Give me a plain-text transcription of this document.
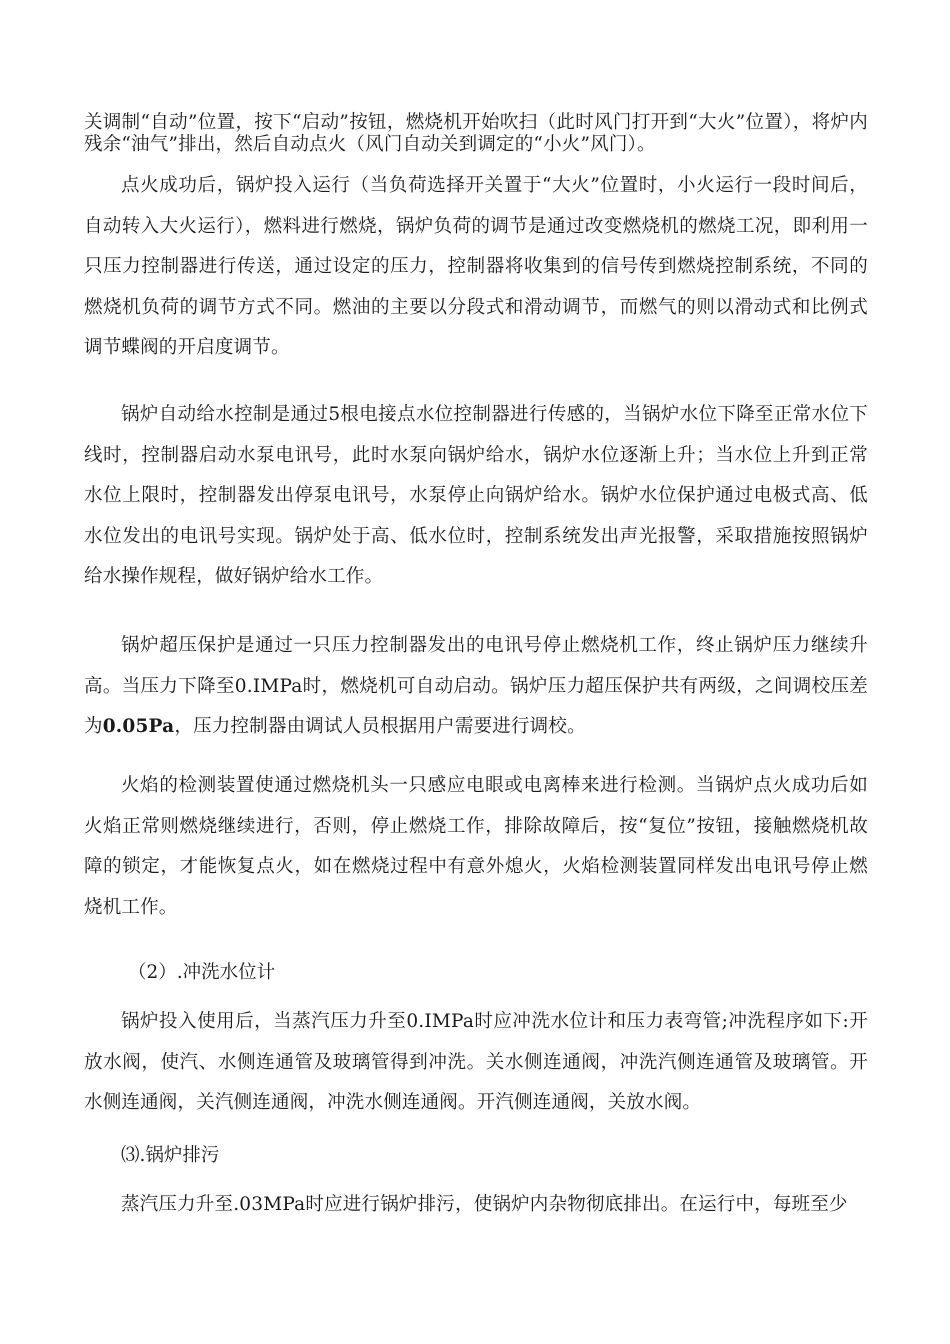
关调制“自动”位置，按下“启动”按钮，燃烧机开始吹扫（此时风门打开到“大火”位置），将炉内残余“油气”排出，然后自动点火（风门自动关到调定的“小火”风门）。

点火成功后，锅炉投入运行（当负荷选择开关置于“大火”位置时，小火运行一段时间后，自动转入大火运行），燃料进行燃烧，锅炉负荷的调节是通过改变燃烧机的燃烧工况，即利用一只压力控制器进行传送，通过设定的压力，控制器将收集到的信号传到燃烧控制系统，不同的燃烧机负荷的调节方式不同。燃油的主要以分段式和滑动调节，而燃气的则以滑动式和比例式调节蝶阀的开启度调节。

锅炉自动给水控制是通过5根电接点水位控制器进行传感的，当锅炉水位下降至正常水位下线时，控制器启动水泵电讯号，此时水泵向锅炉给水，锅炉水位逐渐上升；当水位上升到正常水位上限时，控制器发出停泵电讯号，水泵停止向锅炉给水。锅炉水位保护通过电极式高、低水位发出的电讯号实现。锅炉处于高、低水位时，控制系统发出声光报警，采取措施按照锅炉给水操作规程，做好锅炉给水工作。

锅炉超压保护是通过一只压力控制器发出的电讯号停止燃烧机工作，终止锅炉压力继续升高。当压力下降至0.IMPa时，燃烧机可自动启动。锅炉压力超压保护共有两级，之间调校压差为0.05Pa，压力控制器由调试人员根据用户需要进行调校。

火焰的检测装置使通过燃烧机头一只感应电眼或电离棒来进行检测。当锅炉点火成功后如火焰正常则燃烧继续进行，否则，停止燃烧工作，排除故障后，按“复位”按钮，接触燃烧机故障的锁定，才能恢复点火，如在燃烧过程中有意外熄火，火焰检测装置同样发出电讯号停止燃烧机工作。

（2）.冲洗水位计

锅炉投入使用后，当蒸汽压力升至0.IMPa时应冲洗水位计和压力表弯管;冲洗程序如下:开放水阀，使汽、水侧连通管及玻璃管得到冲洗。关水侧连通阀，冲洗汽侧连通管及玻璃管。开水侧连通阀，关汽侧连通阀，冲洗水侧连通阀。开汽侧连通阀，关放水阀。

⑶.锅炉排污

蒸汽压力升至.03MPa时应进行锅炉排污，使锅炉内杂物彻底排出。在运行中，每班至少
